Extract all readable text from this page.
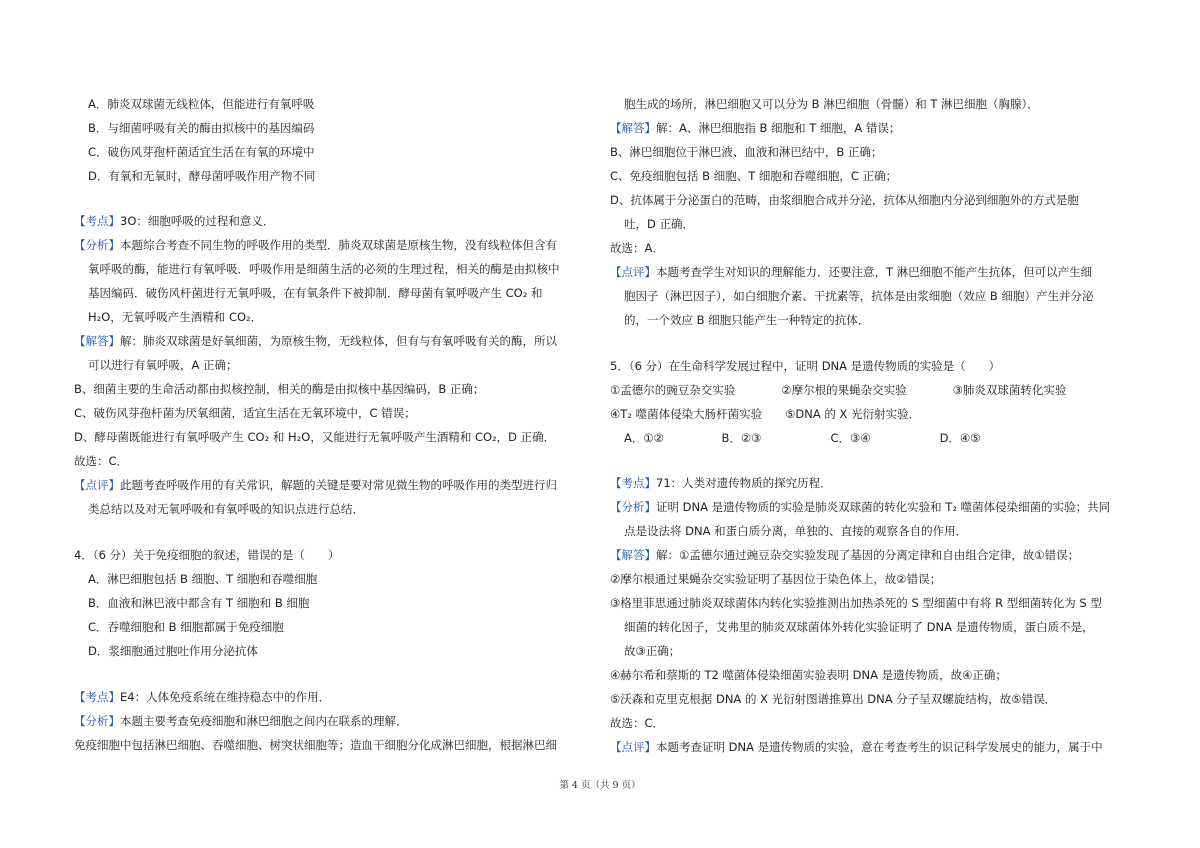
A．肺炎双球菌无线粒体，但能进行有氧呼吸
B．与细菌呼吸有关的酶由拟核中的基因编码
C．破伤风芽孢杆菌适宜生活在有氧的环境中
D．有氧和无氧时，酵母菌呼吸作用产物不同
【考点】3O：细胞呼吸的过程和意义．
【分析】本题综合考查不同生物的呼吸作用的类型．肺炎双球菌是原核生物，没有线粒体但含有
氧呼吸的酶，能进行有氧呼吸．呼吸作用是细菌生活的必须的生理过程，相关的酶是由拟核中
基因编码．破伤风杆菌进行无氧呼吸，在有氧条件下被抑制．酵母菌有氧呼吸产生 CO₂ 和
H₂O，无氧呼吸产生酒精和 CO₂．
【解答】解：肺炎双球菌是好氧细菌，为原核生物，无线粒体，但有与有氧呼吸有关的酶，所以
可以进行有氧呼吸，A 正确；
B、细菌主要的生命活动都由拟核控制，相关的酶是由拟核中基因编码，B 正确；
C、破伤风芽孢杆菌为厌氧细菌，适宜生活在无氧环境中，C 错误；
D、酵母菌既能进行有氧呼吸产生 CO₂ 和 H₂O，又能进行无氧呼吸产生酒精和 CO₂，D 正确．
故选：C．
【点评】此题考查呼吸作用的有关常识，解题的关键是要对常见微生物的呼吸作用的类型进行归
类总结以及对无氧呼吸和有氧呼吸的知识点进行总结．
4．（6 分）关于免疫细胞的叙述，错误的是（　　）
A．淋巴细胞包括 B 细胞、T 细胞和吞噬细胞
B．血液和淋巴液中都含有 T 细胞和 B 细胞
C．吞噬细胞和 B 细胞都属于免疫细胞
D．浆细胞通过胞吐作用分泌抗体
【考点】E4：人体免疫系统在维持稳态中的作用．
【分析】本题主要考查免疫细胞和淋巴细胞之间内在联系的理解．
免疫细胞中包括淋巴细胞、吞噬细胞、树突状细胞等；造血干细胞分化成淋巴细胞，根据淋巴细
胞生成的场所，淋巴细胞又可以分为 B 淋巴细胞（骨髓）和 T 淋巴细胞（胸腺）．
【解答】解：A、淋巴细胞指 B 细胞和 T 细胞，A 错误；
B、淋巴细胞位于淋巴液、血液和淋巴结中，B 正确；
C、免疫细胞包括 B 细胞、T 细胞和吞噬细胞，C 正确；
D、抗体属于分泌蛋白的范畴，由浆细胞合成并分泌，抗体从细胞内分泌到细胞外的方式是胞
吐，D 正确．
故选：A．
【点评】本题考查学生对知识的理解能力．还要注意，T 淋巴细胞不能产生抗体，但可以产生细
胞因子（淋巴因子），如白细胞介素、干扰素等，抗体是由浆细胞（效应 B 细胞）产生并分泌
的，一个效应 B 细胞只能产生一种特定的抗体．
5．（6 分）在生命科学发展过程中，证明 DNA 是遗传物质的实验是（　　）
①孟德尔的豌豆杂交实验　　　　②摩尔根的果蝇杂交实验　　　　③肺炎双球菌转化实验
④T₂ 噬菌体侵染大肠杆菌实验　　⑤DNA 的 X 光衍射实验．
A．①②　　　　　B．②③　　　　　　C．③④　　　　　　D．④⑤
【考点】71：人类对遗传物质的探究历程．
【分析】证明 DNA 是遗传物质的实验是肺炎双球菌的转化实验和 T₂ 噬菌体侵染细菌的实验；共同
点是设法将 DNA 和蛋白质分离，单独的、直接的观察各自的作用．
【解答】解：①孟德尔通过豌豆杂交实验发现了基因的分离定律和自由组合定律，故①错误；
②摩尔根通过果蝇杂交实验证明了基因位于染色体上，故②错误；
③格里菲思通过肺炎双球菌体内转化实验推测出加热杀死的 S 型细菌中有将 R 型细菌转化为 S 型
细菌的转化因子，艾弗里的肺炎双球菌体外转化实验证明了 DNA 是遗传物质，蛋白质不是，
故③正确；
④赫尔希和蔡斯的 T2 噬菌体侵染细菌实验表明 DNA 是遗传物质，故④正确；
⑤沃森和克里克根据 DNA 的 X 光衍射图谱推算出 DNA 分子呈双螺旋结构，故⑤错误．
故选：C．
【点评】本题考查证明 DNA 是遗传物质的实验，意在考查考生的识记科学发展史的能力，属于中
第 4 页（共 9 页）
